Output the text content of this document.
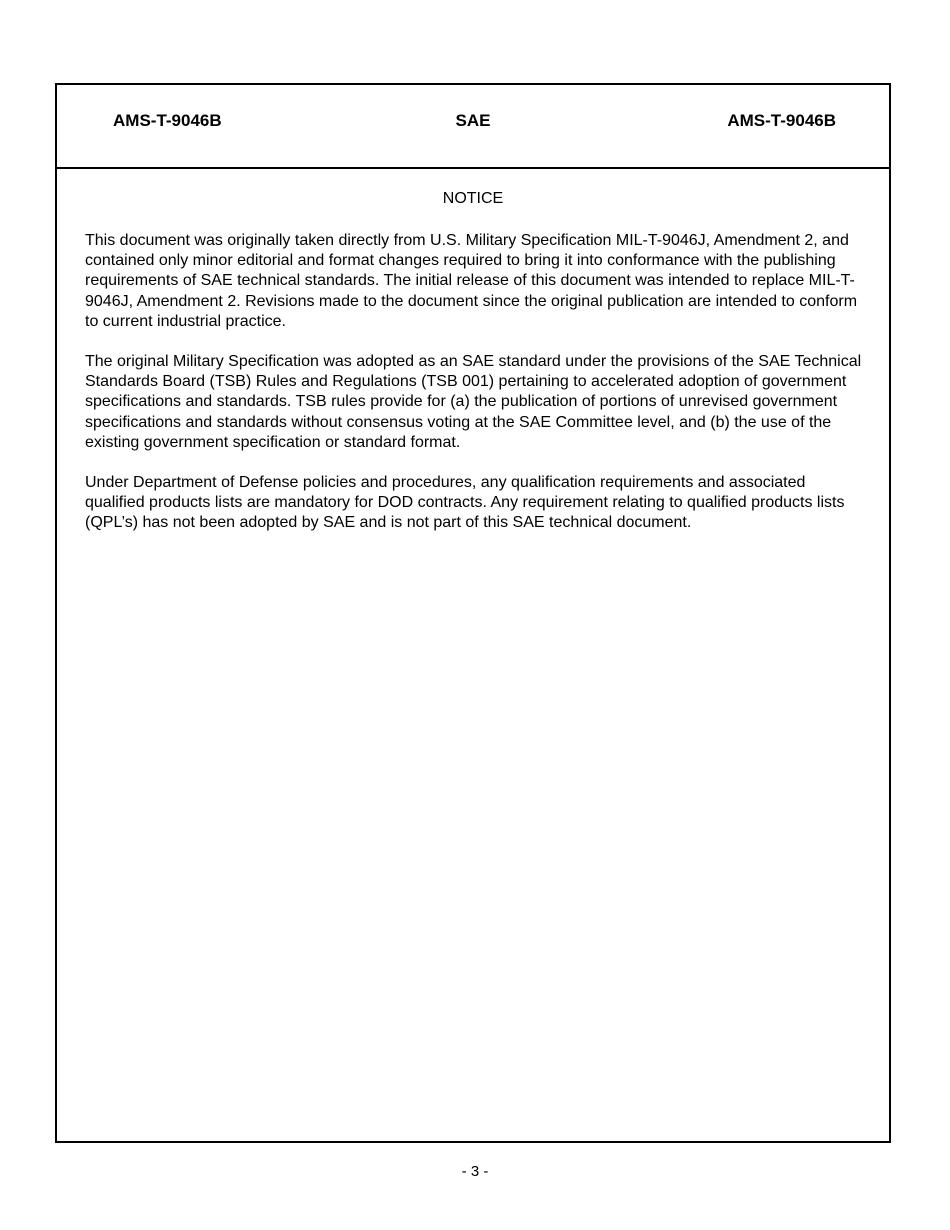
AMS-T-9046B	SAE	AMS-T-9046B
NOTICE

This document was originally taken directly from U.S. Military Specification MIL-T-9046J, Amendment 2, and contained only minor editorial and format changes required to bring it into conformance with the publishing requirements of SAE technical standards. The initial release of this document was intended to replace MIL-T-9046J, Amendment 2. Revisions made to the document since the original publication are intended to conform to current industrial practice.

The original Military Specification was adopted as an SAE standard under the provisions of the SAE Technical Standards Board (TSB) Rules and Regulations (TSB 001) pertaining to accelerated adoption of government specifications and standards. TSB rules provide for (a) the publication of portions of unrevised government specifications and standards without consensus voting at the SAE Committee level, and (b) the use of the existing government specification or standard format.

Under Department of Defense policies and procedures, any qualification requirements and associated qualified products lists are mandatory for DOD contracts. Any requirement relating to qualified products lists (QPL’s) has not been adopted by SAE and is not part of this SAE technical document.

- 3 -
